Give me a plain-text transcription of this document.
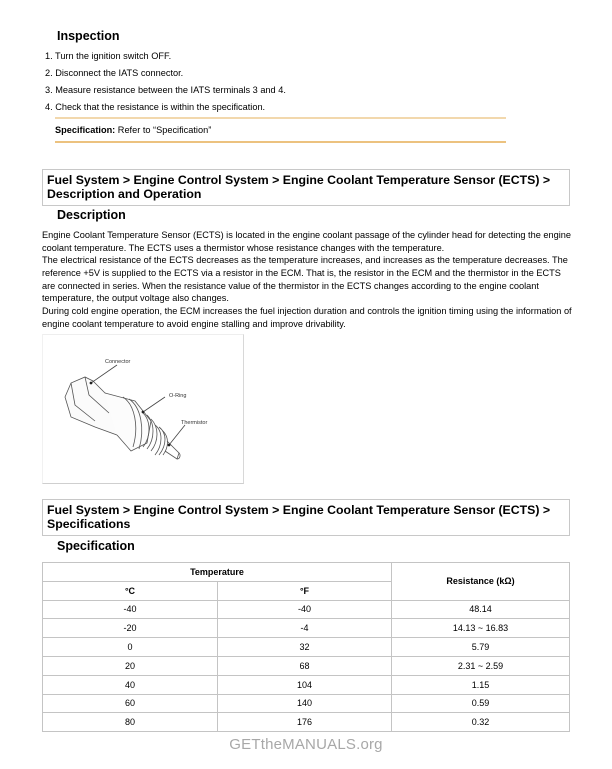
Inspection
1. Turn the ignition switch OFF.
2. Disconnect the IATS connector.
3. Measure resistance between the IATS terminals 3 and 4.
4. Check that the resistance is within the specification.
Specification: Refer to “Specification”
Fuel System > Engine Control System > Engine Coolant Temperature Sensor (ECTS) >
Description and Operation
Description
Engine Coolant Temperature Sensor (ECTS) is located in the engine coolant passage of the cylinder head for detecting the engine coolant temperature. The ECTS uses a thermistor whose resistance changes with the temperature.
The electrical resistance of the ECTS decreases as the temperature increases, and increases as the temperature decreases. The reference +5V is supplied to the ECTS via a resistor in the ECM. That is, the resistor in the ECM and the thermistor in the ECTS are connected in series. When the resistance value of the thermistor in the ECTS changes according to the engine coolant temperature, the output voltage also changes.
During cold engine operation, the ECM increases the fuel injection duration and controls the ignition timing using the information of engine coolant temperature to avoid engine stalling and improve drivability.
Connector
O-Ring
Thermistor
Fuel System > Engine Control System > Engine Coolant Temperature Sensor (ECTS) >
Specifications
Specification
Temperature		Resistance (kΩ)
°C	°F	
-40	-40	48.14
-20	-4	14.13 ~ 16.83
0	32	5.79
20	68	2.31 ~ 2.59
40	104	1.15
60	140	0.59
80	176	0.32
GETtheMANUALS.org
